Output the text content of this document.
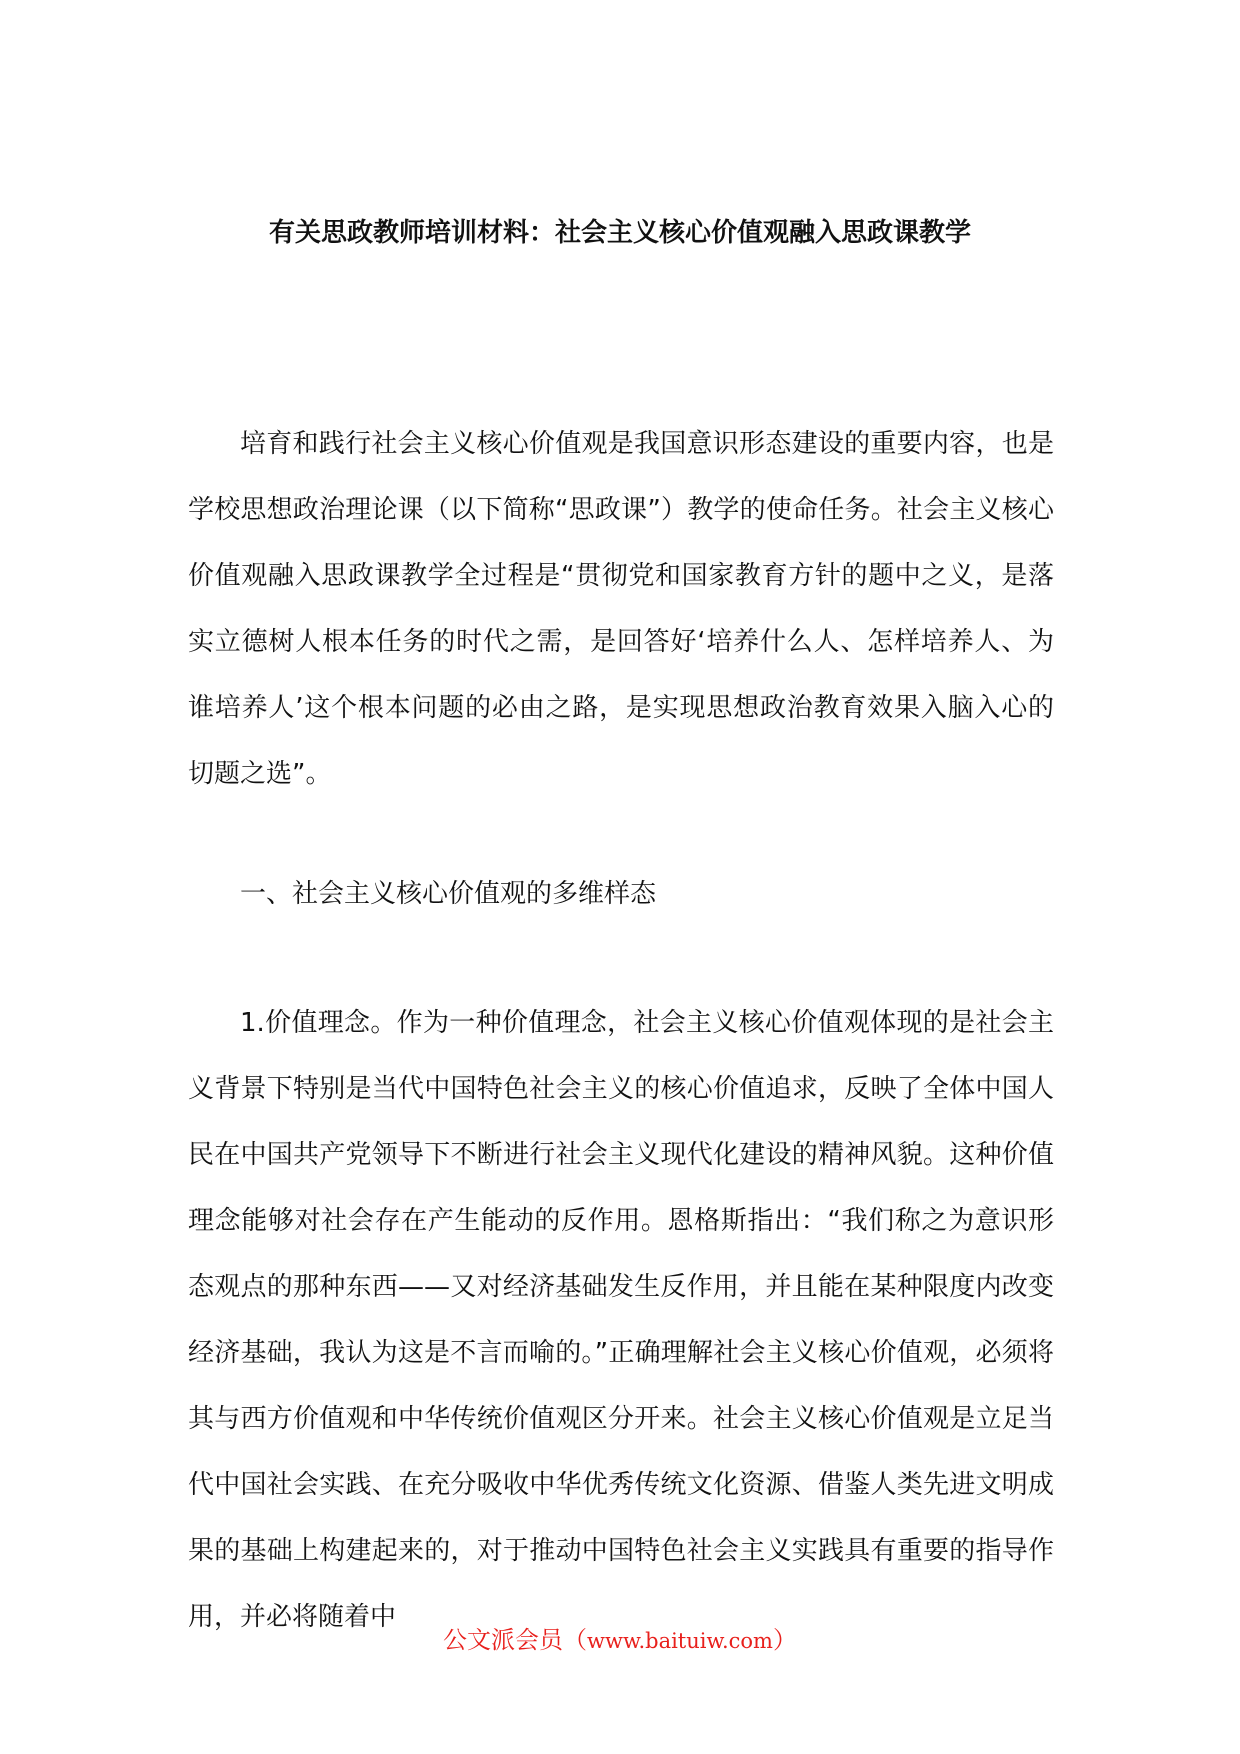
有关思政教师培训材料：社会主义核心价值观融入思政课教学

培育和践行社会主义核心价值观是我国意识形态建设的重要内容，也是学校思想政治理论课（以下简称“思政课”）教学的使命任务。社会主义核心价值观融入思政课教学全过程是“贯彻党和国家教育方针的题中之义，是落实立德树人根本任务的时代之需，是回答好‘培养什么人、怎样培养人、为谁培养人’这个根本问题的必由之路，是实现思想政治教育效果入脑入心的切题之选”。

一、社会主义核心价值观的多维样态

1.价值理念。作为一种价值理念，社会主义核心价值观体现的是社会主义背景下特别是当代中国特色社会主义的核心价值追求，反映了全体中国人民在中国共产党领导下不断进行社会主义现代化建设的精神风貌。这种价值理念能够对社会存在产生能动的反作用。恩格斯指出：“我们称之为意识形态观点的那种东西——又对经济基础发生反作用，并且能在某种限度内改变经济基础，我认为这是不言而喻的。”正确理解社会主义核心价值观，必须将其与西方价值观和中华传统价值观区分开来。社会主义核心价值观是立足当代中国社会实践、在充分吸收中华优秀传统文化资源、借鉴人类先进文明成果的基础上构建起来的，对于推动中国特色社会主义实践具有重要的指导作用，并必将随着中

公文派会员（www.baituiw.com）
